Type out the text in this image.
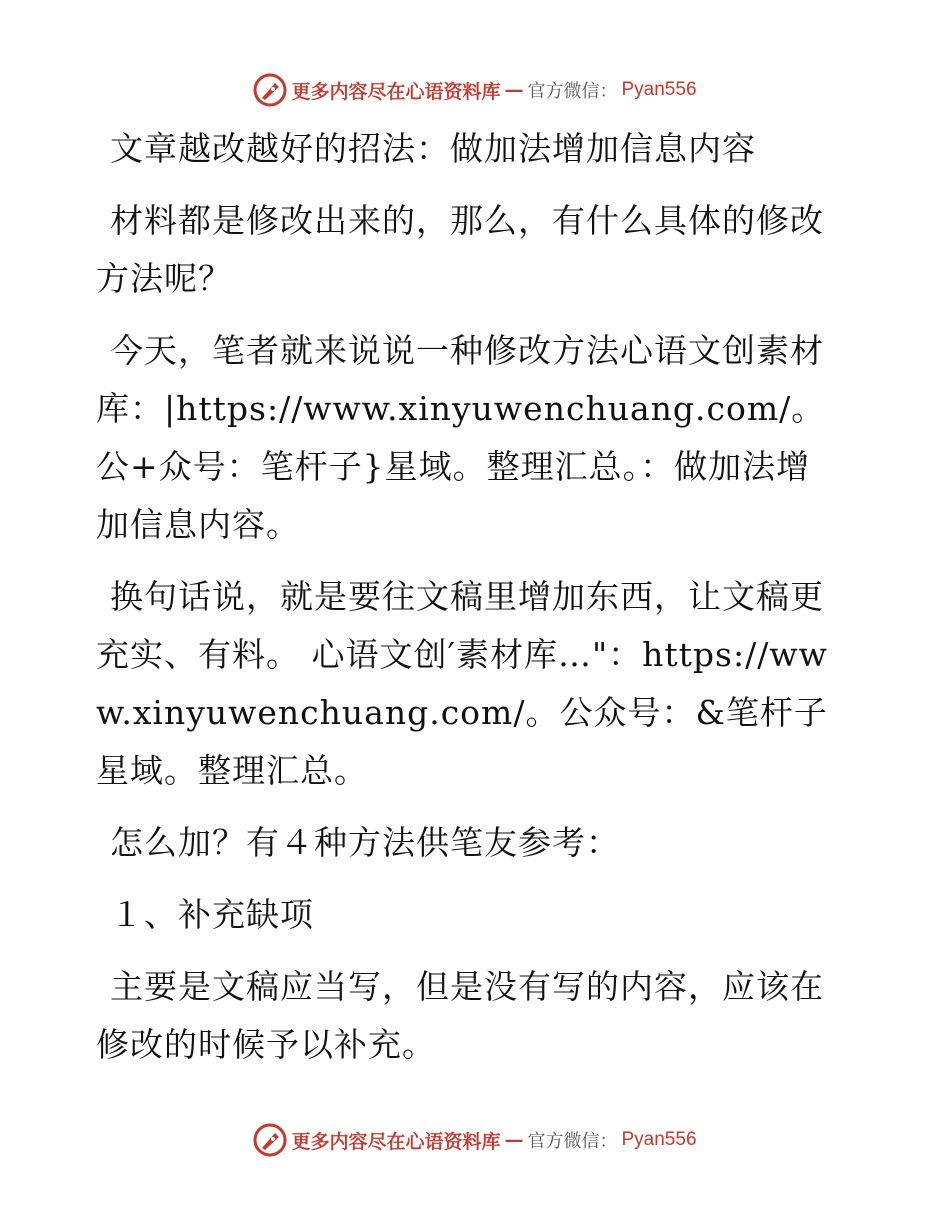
更多内容尽在心语资料库 — 官方微信： Pyan556

文章越改越好的招法：做加法增加信息内容

材料都是修改出来的，那么，有什么具体的修改方法呢？

今天，笔者就来说说一种修改方法心语文创素材库：|https://www.xinyuwenchuang.com/。公+众号：笔杆子}星域。整理汇总。：做加法增加信息内容。

换句话说，就是要往文稿里增加东西，让文稿更充实、有料。 心语文创′素材库…"：https://www.xinyuwenchuang.com/。公众号：&笔杆子星域。整理汇总。

怎么加？有４种方法供笔友参考：

１、补充缺项

主要是文稿应当写，但是没有写的内容，应该在修改的时候予以补充。

更多内容尽在心语资料库 — 官方微信： Pyan556
